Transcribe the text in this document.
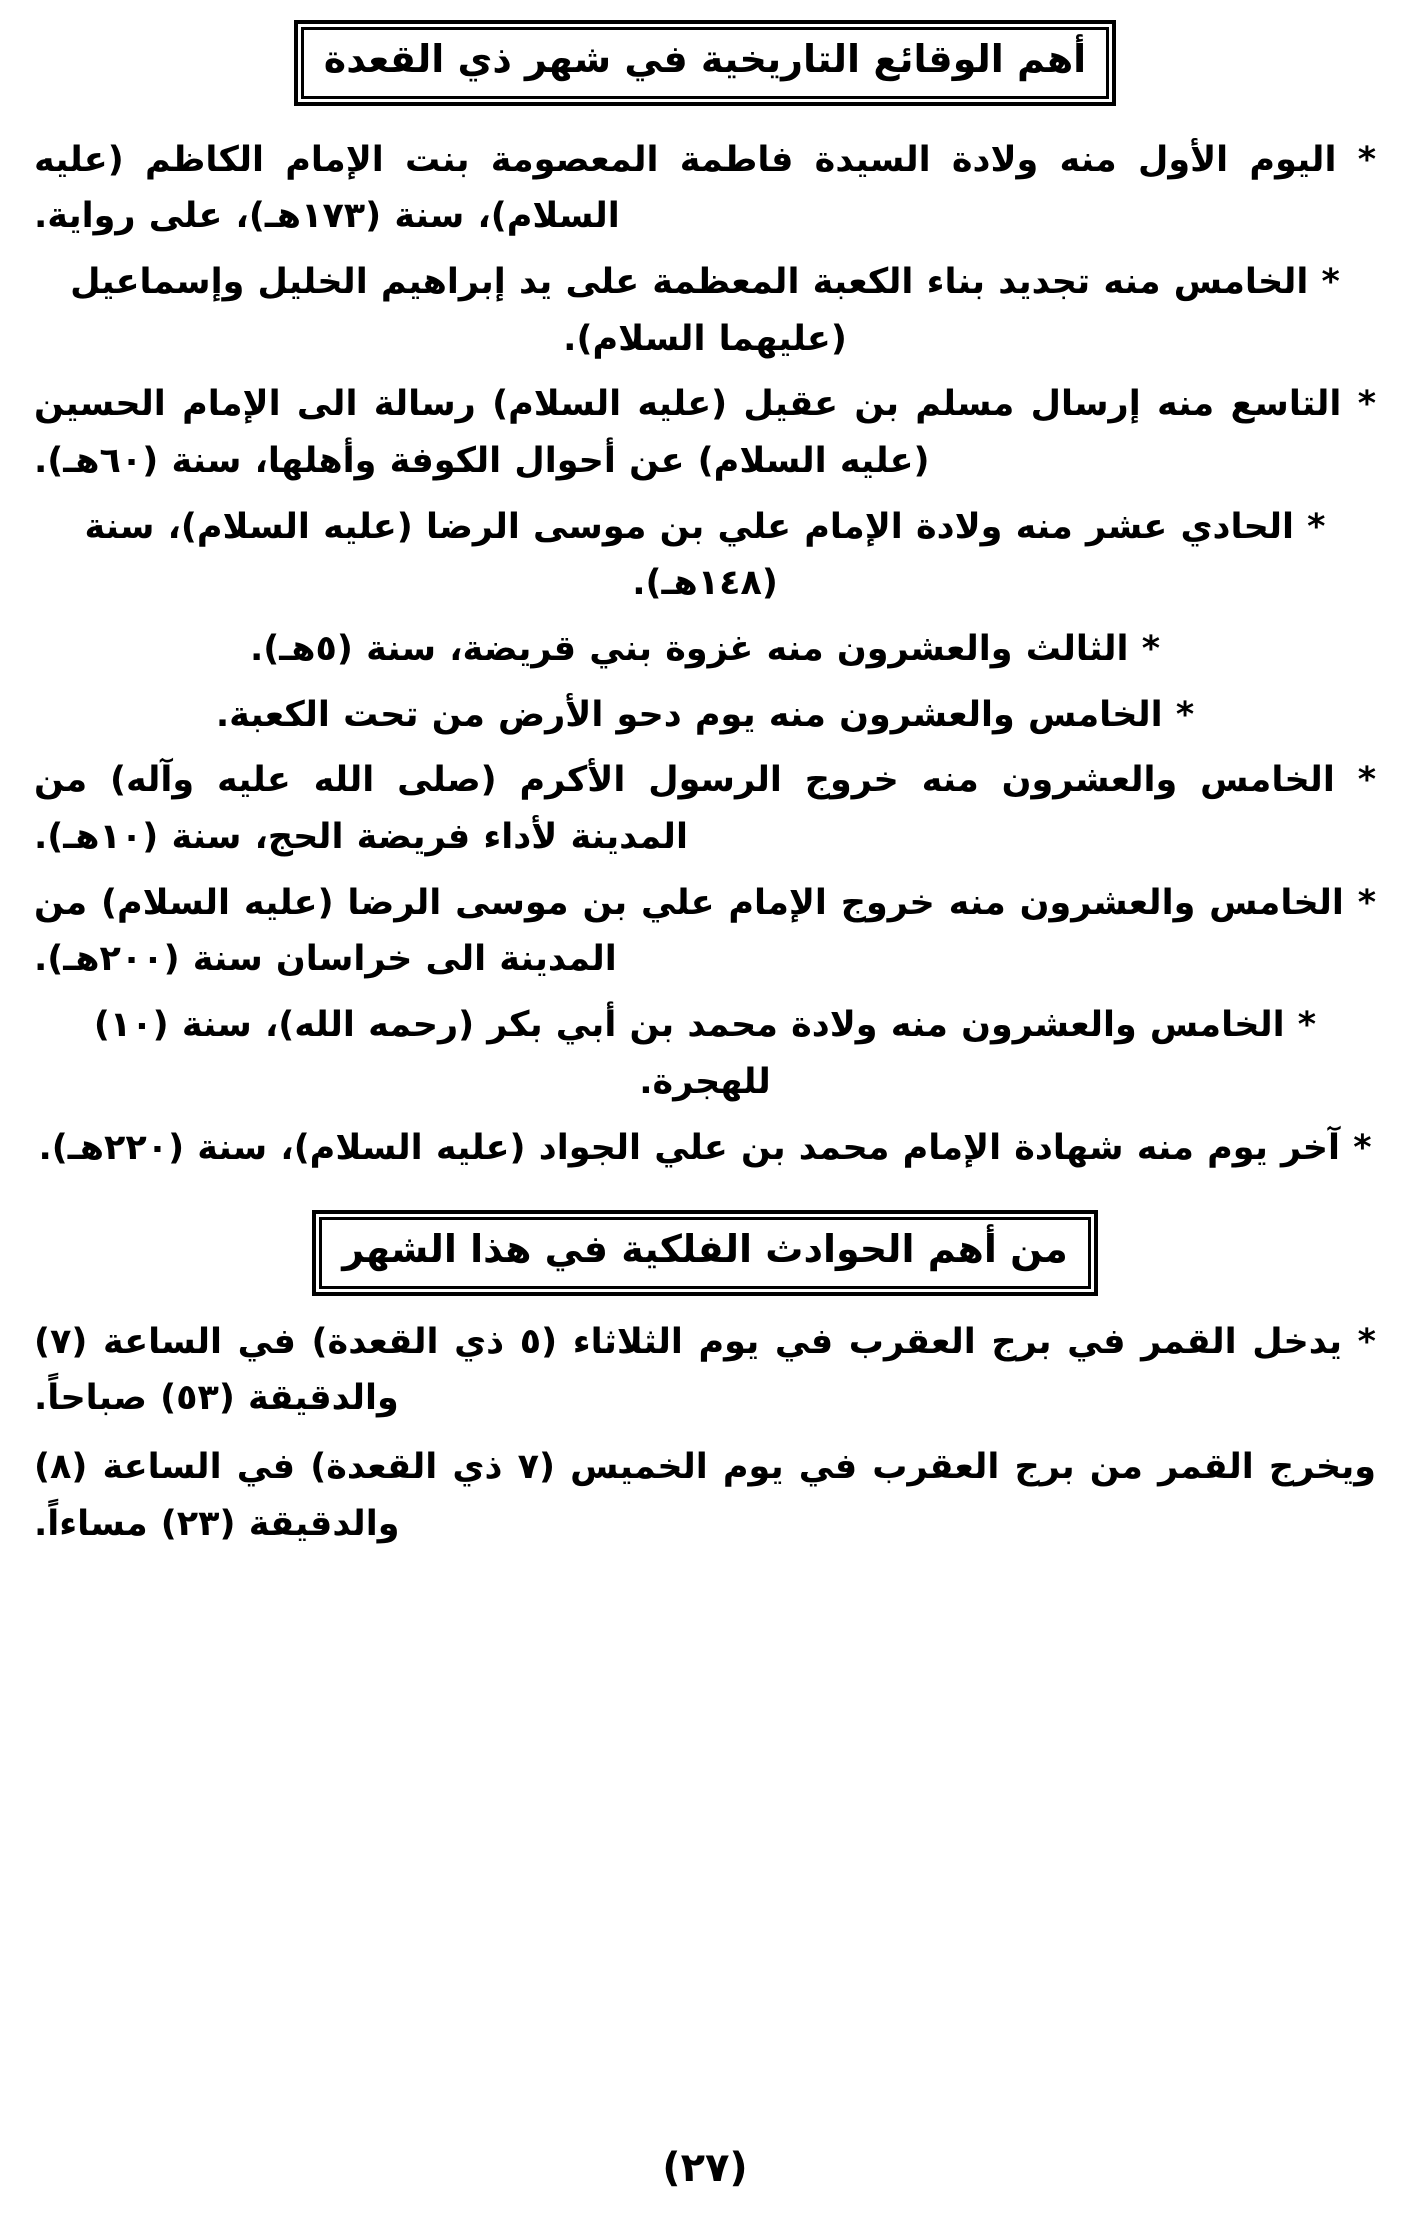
أهم الوقائع التاريخية في شهر ذي القعدة

* اليوم الأول منه ولادة السيدة فاطمة المعصومة بنت الإمام الكاظم (عليه السلام)، سنة (١٧٣هـ)، على رواية.

* الخامس منه تجديد بناء الكعبة المعظمة على يد إبراهيم الخليل وإسماعيل (عليهما السلام).

* التاسع منه إرسال مسلم بن عقيل (عليه السلام) رسالة الى الإمام الحسين (عليه السلام) عن أحوال الكوفة وأهلها، سنة (٦٠هـ).

* الحادي عشر منه ولادة الإمام علي بن موسى الرضا (عليه السلام)، سنة (١٤٨هـ).

* الثالث والعشرون منه غزوة بني قريضة، سنة (٥هـ).

* الخامس والعشرون منه يوم دحو الأرض من تحت الكعبة.

* الخامس والعشرون منه خروج الرسول الأكرم (صلى الله عليه وآله) من المدينة لأداء فريضة الحج، سنة (١٠هـ).

* الخامس والعشرون منه خروج الإمام علي بن موسى الرضا (عليه السلام) من المدينة الى خراسان سنة (٢٠٠هـ).

* الخامس والعشرون منه ولادة محمد بن أبي بكر (رحمه الله)، سنة (١٠) للهجرة.

* آخر يوم منه شهادة الإمام محمد بن علي الجواد (عليه السلام)، سنة (٢٢٠هـ).

من أهم الحوادث الفلكية في هذا الشهر

* يدخل القمر في برج العقرب في يوم الثلاثاء (٥ ذي القعدة) في الساعة (٧) والدقيقة (٥٣) صباحاً.

ويخرج القمر من برج العقرب في يوم الخميس (٧ ذي القعدة) في الساعة (٨) والدقيقة (٢٣) مساءاً.

(٢٧)
